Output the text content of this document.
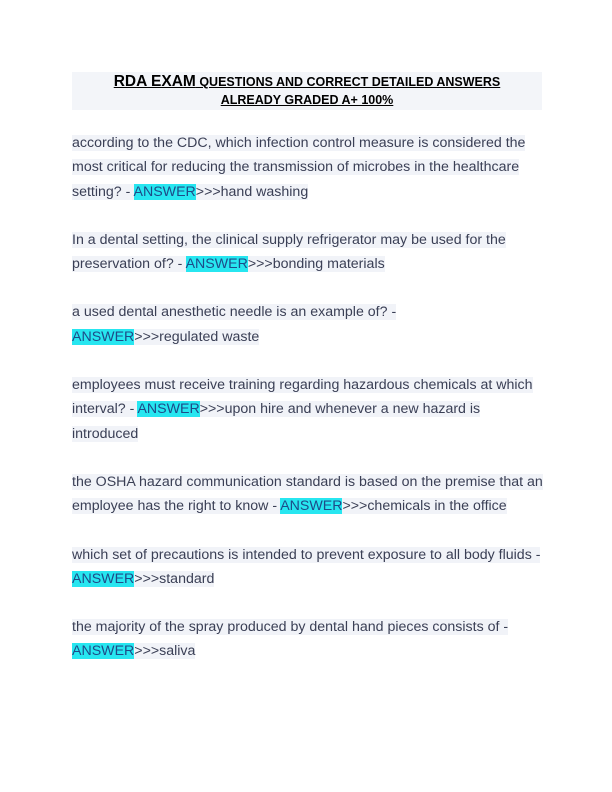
RDA EXAM QUESTIONS AND CORRECT DETAILED ANSWERS
ALREADY GRADED A+ 100%
according to the CDC, which infection control measure is considered the
most critical for reducing the transmission of microbes in the healthcare
setting? - ANSWER>>>hand washing
In a dental setting, the clinical supply refrigerator may be used for the
preservation of? - ANSWER>>>bonding materials
a used dental anesthetic needle is an example of? -
ANSWER>>>regulated waste
employees must receive training regarding hazardous chemicals at which
interval? - ANSWER>>>upon hire and whenever a new hazard is
introduced
the OSHA hazard communication standard is based on the premise that an
employee has the right to know - ANSWER>>>chemicals in the office
which set of precautions is intended to prevent exposure to all body fluids -
ANSWER>>>standard
the majority of the spray produced by dental hand pieces consists of -
ANSWER>>>saliva
